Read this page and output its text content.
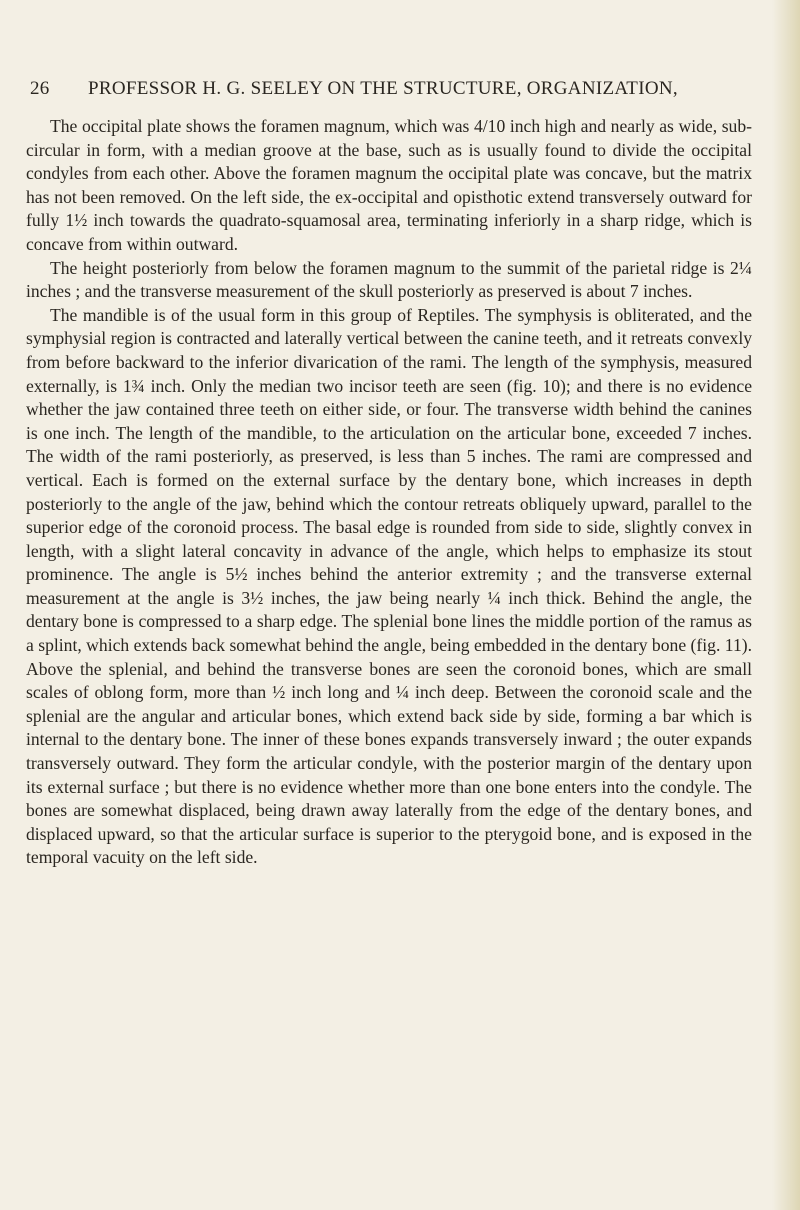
26 PROFESSOR H. G. SEELEY ON THE STRUCTURE, ORGANIZATION,

The occipital plate shows the foramen magnum, which was 4/10 inch high and nearly as wide, sub-circular in form, with a median groove at the base, such as is usually found to divide the occipital condyles from each other. Above the foramen magnum the occipital plate was concave, but the matrix has not been removed. On the left side, the ex-occipital and opisthotic extend transversely outward for fully 1½ inch towards the quadrato-squamosal area, terminating inferiorly in a sharp ridge, which is concave from within outward.

The height posteriorly from below the foramen magnum to the summit of the parietal ridge is 2¼ inches ; and the transverse measurement of the skull posteriorly as preserved is about 7 inches.

The mandible is of the usual form in this group of Reptiles. The symphysis is obliterated, and the symphysial region is contracted and laterally vertical between the canine teeth, and it retreats convexly from before backward to the inferior divarication of the rami. The length of the symphysis, measured externally, is 1¾ inch. Only the median two incisor teeth are seen (fig. 10); and there is no evidence whether the jaw contained three teeth on either side, or four. The transverse width behind the canines is one inch. The length of the mandible, to the articulation on the articular bone, exceeded 7 inches. The width of the rami posteriorly, as preserved, is less than 5 inches. The rami are compressed and vertical. Each is formed on the external surface by the dentary bone, which increases in depth posteriorly to the angle of the jaw, behind which the contour retreats obliquely upward, parallel to the superior edge of the coronoid process. The basal edge is rounded from side to side, slightly convex in length, with a slight lateral concavity in advance of the angle, which helps to emphasize its stout prominence. The angle is 5½ inches behind the anterior extremity ; and the transverse external measurement at the angle is 3½ inches, the jaw being nearly ¼ inch thick. Behind the angle, the dentary bone is compressed to a sharp edge. The splenial bone lines the middle portion of the ramus as a splint, which extends back somewhat behind the angle, being embedded in the dentary bone (fig. 11). Above the splenial, and behind the transverse bones are seen the coronoid bones, which are small scales of oblong form, more than ½ inch long and ¼ inch deep. Between the coronoid scale and the splenial are the angular and articular bones, which extend back side by side, forming a bar which is internal to the dentary bone. The inner of these bones expands transversely inward ; the outer expands transversely outward. They form the articular condyle, with the posterior margin of the dentary upon its external surface ; but there is no evidence whether more than one bone enters into the condyle. The bones are somewhat displaced, being drawn away laterally from the edge of the dentary bones, and displaced upward, so that the articular surface is superior to the pterygoid bone, and is exposed in the temporal vacuity on the left side.
